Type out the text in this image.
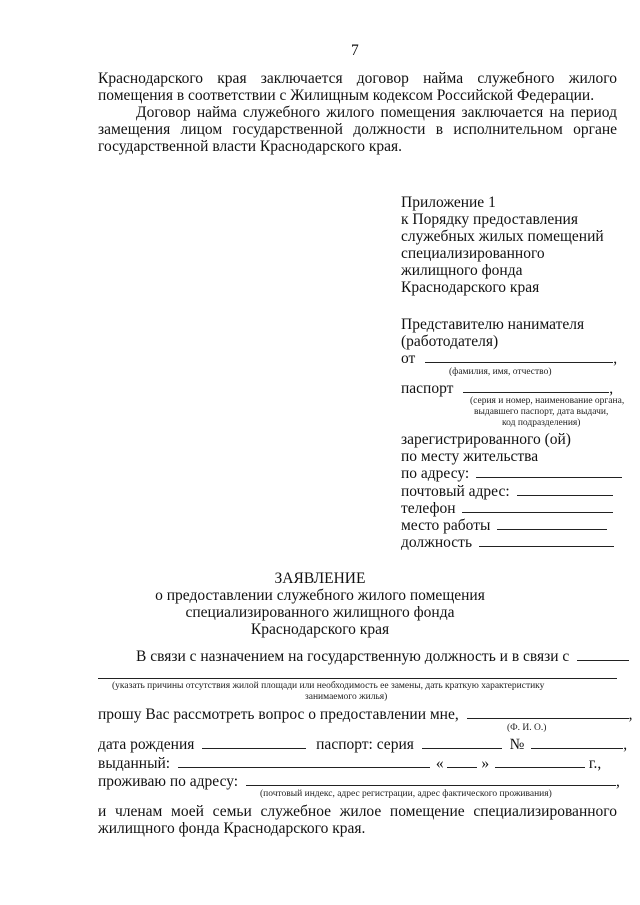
7
Краснодарского края заключается договор найма служебного жилого
помещения в соответствии с Жилищным кодексом Российской Федерации.
Договор найма служебного жилого помещения заключается на период
замещения лицом государственной должности в исполнительном органе
государственной власти Краснодарского края.
Приложение 1
к Порядку предоставления
служебных жилых помещений
специализированного
жилищного фонда
Краснодарского края
Представителю нанимателя
(работодателя)
от	,
(фамилия, имя, отчество)
паспорт	,
(серия и номер, наименование органа,
выдавшего паспорт, дата выдачи,
код подразделения)
зарегистрированного (ой)
по месту жительства
по адресу:
почтовый адрес:
телефон
место работы
должность
ЗАЯВЛЕНИЕ
о предоставлении служебного жилого помещения
специализированного жилищного фонда
Краснодарского края
В связи с назначением на государственную должность и в связи с
(указать причины отсутствия жилой площади или необходимость ее замены, дать краткую характеристику
занимаемого жилья)
прошу Вас рассмотреть вопрос о предоставлении мне,	,
(Ф. И. О.)
дата рождения	паспорт: серия	№	,
выданный:	« »	г.,
проживаю по адресу:	,
(почтовый индекс, адрес регистрации, адрес фактического проживания)
и членам моей семьи служебное жилое помещение специализированного
жилищного фонда Краснодарского края.
